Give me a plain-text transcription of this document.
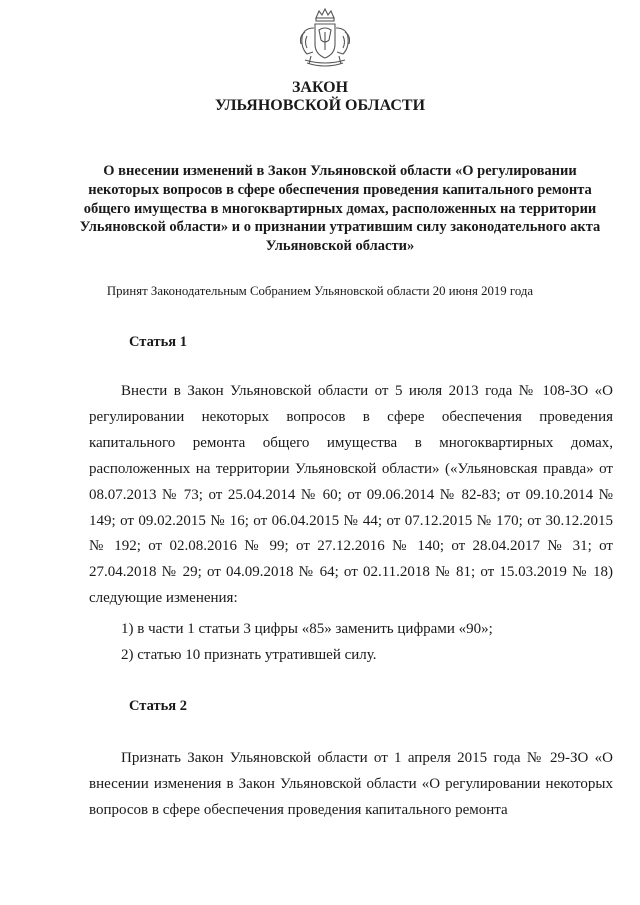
ЗАКОН
УЛЬЯНОВСКОЙ ОБЛАСТИ
О внесении изменений в Закон Ульяновской области «О регулировании некоторых вопросов в сфере обеспечения проведения капитального ремонта общего имущества в многоквартирных домах, расположенных на территории Ульяновской области» и о признании утратившим силу законодательного акта Ульяновской области»
Принят Законодательным Собранием Ульяновской области 20 июня 2019 года
Статья 1
Внести в Закон Ульяновской области от 5 июля 2013 года № 108-ЗО «О регулировании некоторых вопросов в сфере обеспечения проведения капитального ремонта общего имущества в многоквартирных домах, расположенных на территории Ульяновской области» («Ульяновская правда» от 08.07.2013 № 73; от 25.04.2014 № 60; от 09.06.2014 № 82-83; от 09.10.2014 № 149; от 09.02.2015 № 16; от 06.04.2015 № 44; от 07.12.2015 № 170; от 30.12.2015 № 192; от 02.08.2016 № 99; от 27.12.2016 № 140; от 28.04.2017 № 31; от 27.04.2018 № 29; от 04.09.2018 № 64; от 02.11.2018 № 81; от 15.03.2019 № 18) следующие изменения:
1) в части 1 статьи 3 цифры «85» заменить цифрами «90»;
2) статью 10 признать утратившей силу.
Статья 2
Признать Закон Ульяновской области от 1 апреля 2015 года № 29-ЗО «О внесении изменения в Закон Ульяновской области «О регулировании некоторых вопросов в сфере обеспечения проведения капитального ремонта
